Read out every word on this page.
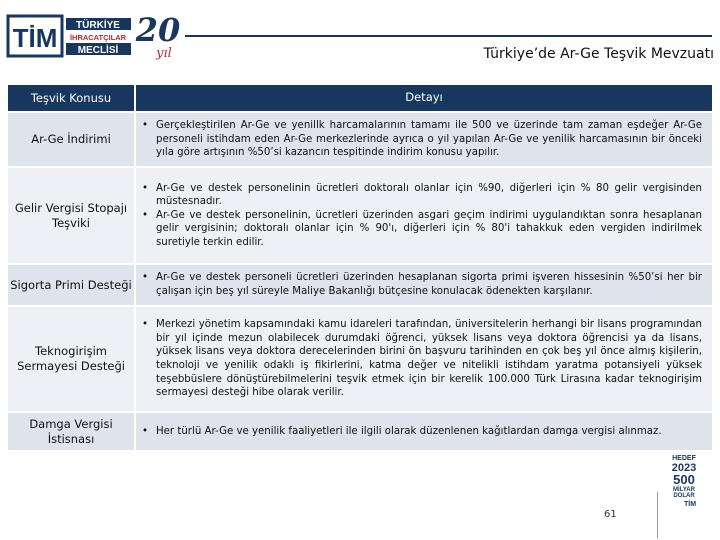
TİM TÜRKİYE
İHRACATÇILAR
MECLİSİ
20
yıl	Türkiye’de Ar-Ge Teşvik Mevzuatı
Teşvik Konusu	Detayı
Ar-Ge İndirimi
• Gerçekleştirilen Ar-Ge ve yenillk harcamalarının tamamı ile 500 ve üzerinde tam zaman eşdeğer Ar-Ge personeli istihdam eden Ar-Ge merkezlerinde ayrıca o yıl yapılan Ar-Ge ve yenilik harcamasının bir önceki yıla göre artışının %50’si kazancın tespitinde indirim konusu yapılır.
Gelir Vergisi Stopajı Teşviki
• Ar-Ge ve destek personelinin ücretleri doktoralı olanlar için %90, diğerleri için % 80 gelir vergisinden müstesnadır.
• Ar-Ge ve destek personelinin, ücretleri üzerinden asgari geçim indirimi uygulandıktan sonra hesaplanan gelir vergisinin; doktoralı olanlar için % 90'ı, diğerleri için % 80'i tahakkuk eden vergiden indirilmek suretiyle terkin edilir.
Sigorta Primi Desteği • Ar-Ge ve destek personeli ücretleri üzerinden hesaplanan sigorta primi işveren hissesinin %50’si her bir çalışan için beş yıl süreyle Maliye Bakanlığı bütçesine konulacak ödenekten karşılanır.
Teknogirişim Sermayesi Desteği
• Merkezi yönetim kapsamındaki kamu idareleri tarafından, üniversitelerin herhangi bir lisans programından bir yıl içinde mezun olabilecek durumdaki öğrenci, yüksek lisans veya doktora öğrencisi ya da lisans, yüksek lisans veya doktora derecelerinden birini ön başvuru tarihinden en çok beş yıl önce almış kişilerin, teknoloji ve yenilik odaklı iş fikirlerini, katma değer ve nitelikli istihdam yaratma potansiyeli yüksek teşebbüslere dönüştürebilmelerini teşvik etmek için bir kerelik 100.000 Türk Lirasına kadar teknogirişim sermayesi desteği hibe olarak verilir.
Damga Vergisi İstisnası
• Her türlü Ar-Ge ve yenilik faaliyetleri ile ilgili olarak düzenlenen kağıtlardan damga vergisi alınmaz.
HEDEF
2023
500
MİLYAR
DOLAR
TİM
61
